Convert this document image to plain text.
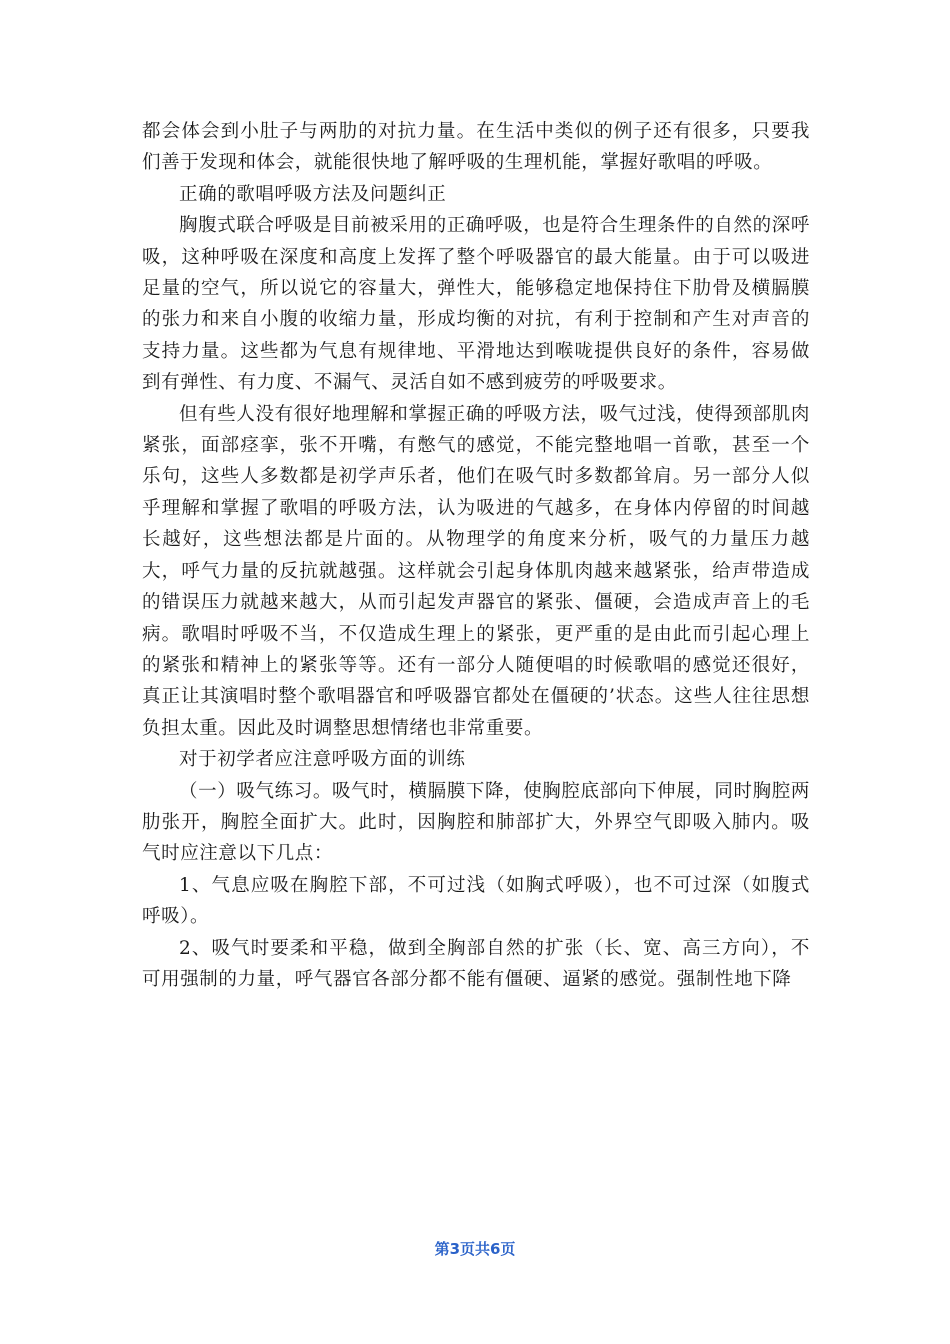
都会体会到小肚子与两肋的对抗力量。在生活中类似的例子还有很多，只要我们善于发现和体会，就能很快地了解呼吸的生理机能，掌握好歌唱的呼吸。

正确的歌唱呼吸方法及问题纠正

胸腹式联合呼吸是目前被采用的正确呼吸，也是符合生理条件的自然的深呼吸，这种呼吸在深度和高度上发挥了整个呼吸器官的最大能量。由于可以吸进足量的空气，所以说它的容量大，弹性大，能够稳定地保持住下肋骨及横膈膜的张力和来自小腹的收缩力量，形成均衡的对抗，有利于控制和产生对声音的支持力量。这些都为气息有规律地、平滑地达到喉咙提供良好的条件，容易做到有弹性、有力度、不漏气、灵活自如不感到疲劳的呼吸要求。

但有些人没有很好地理解和掌握正确的呼吸方法，吸气过浅，使得颈部肌肉紧张，面部痉挛，张不开嘴，有憋气的感觉，不能完整地唱一首歌，甚至一个乐句，这些人多数都是初学声乐者，他们在吸气时多数都耸肩。另一部分人似乎理解和掌握了歌唱的呼吸方法，认为吸进的气越多，在身体内停留的时间越长越好，这些想法都是片面的。从物理学的角度来分析，吸气的力量压力越大，呼气力量的反抗就越强。这样就会引起身体肌肉越来越紧张，给声带造成的错误压力就越来越大，从而引起发声器官的紧张、僵硬，会造成声音上的毛病。歌唱时呼吸不当，不仅造成生理上的紧张，更严重的是由此而引起心理上的紧张和精神上的紧张等等。还有一部分人随便唱的时候歌唱的感觉还很好，真正让其演唱时整个歌唱器官和呼吸器官都处在僵硬的’状态。这些人往往思想负担太重。因此及时调整思想情绪也非常重要。

对于初学者应注意呼吸方面的训练

（一）吸气练习。吸气时，横膈膜下降，使胸腔底部向下伸展，同时胸腔两肋张开，胸腔全面扩大。此时，因胸腔和肺部扩大，外界空气即吸入肺内。吸气时应注意以下几点：

1、气息应吸在胸腔下部，不可过浅（如胸式呼吸），也不可过深（如腹式呼吸）。

2、吸气时要柔和平稳，做到全胸部自然的扩张（长、宽、高三方向），不可用强制的力量，呼气器官各部分都不能有僵硬、逼紧的感觉。强制性地下降

第3页共6页
